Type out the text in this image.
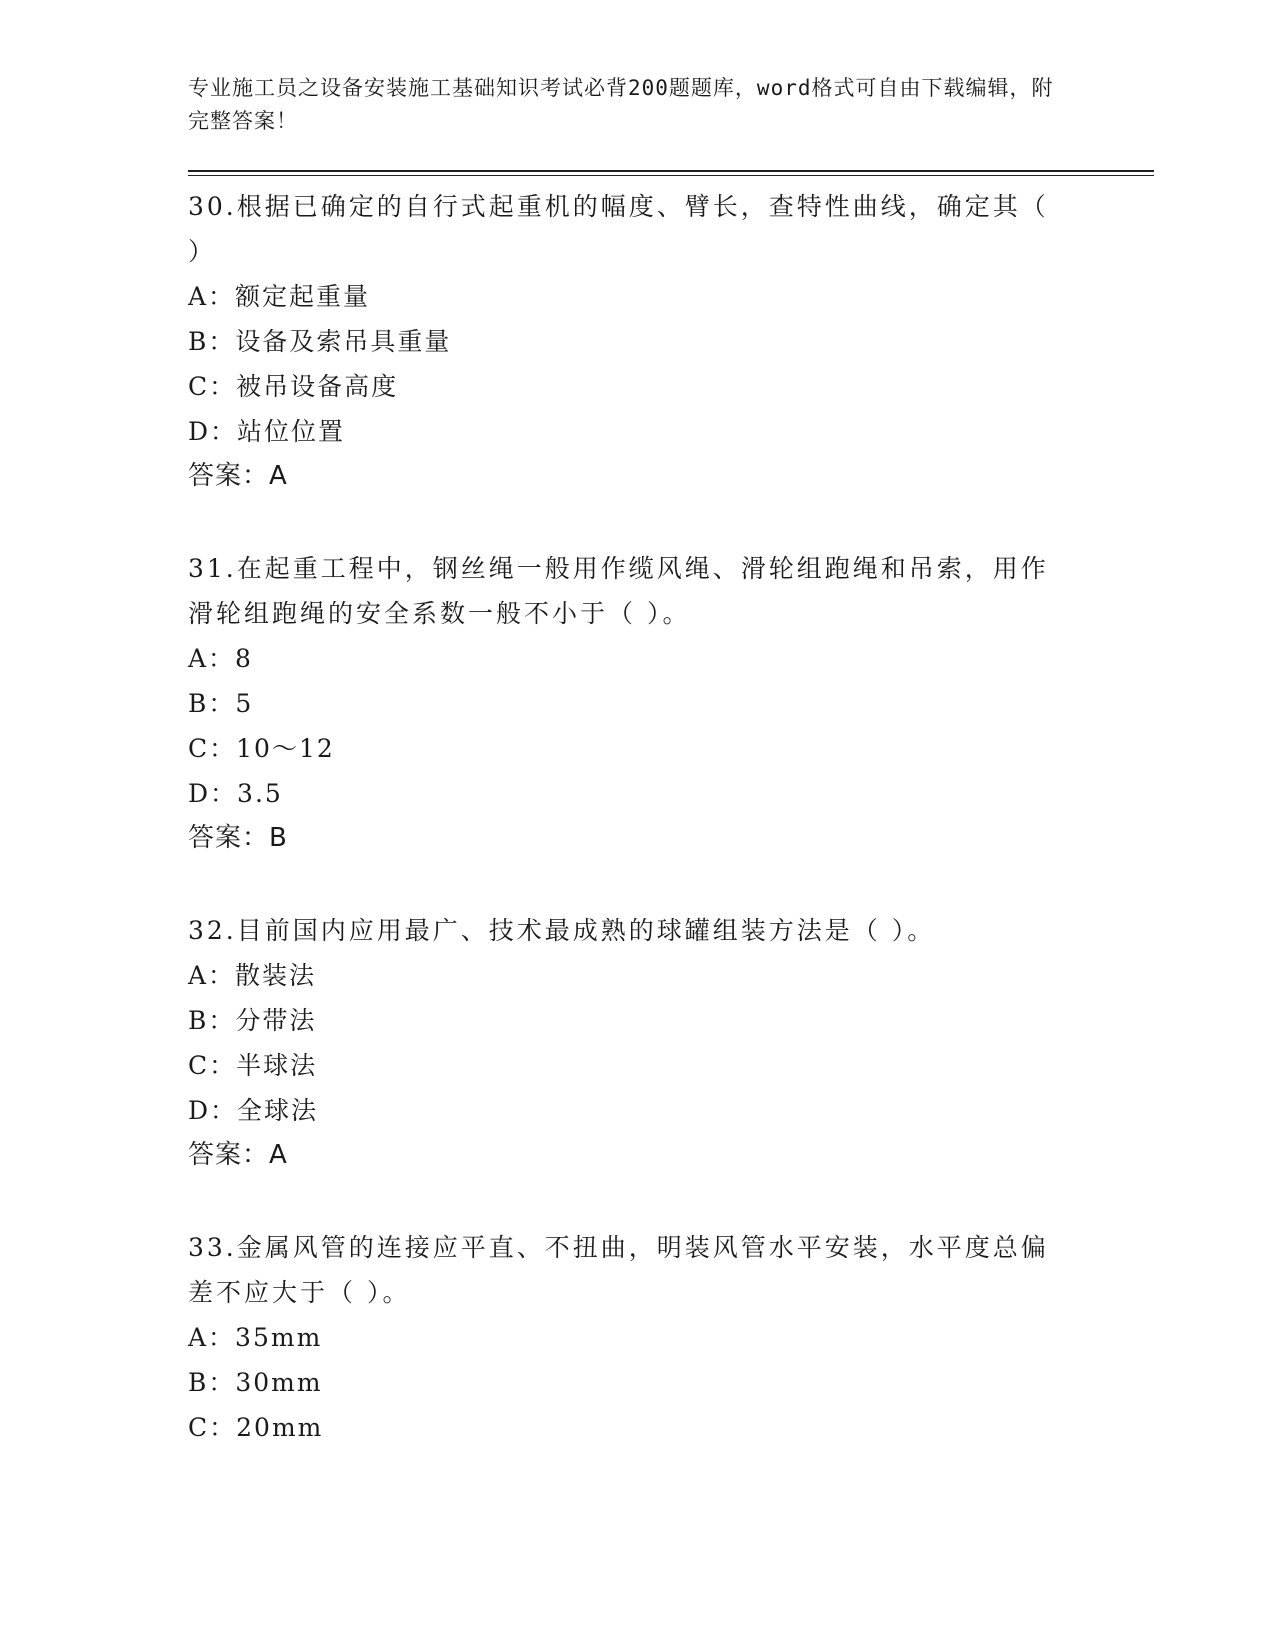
专业施工员之设备安装施工基础知识考试必背200题题库，word格式可自由下载编辑，附完整答案！

30.根据已确定的自行式起重机的幅度、臂长，查特性曲线，确定其（ ）

A：额定起重量

B：设备及索吊具重量

C：被吊设备高度

D：站位位置

答案：A

31.在起重工程中，钢丝绳一般用作缆风绳、滑轮组跑绳和吊索，用作滑轮组跑绳的安全系数一般不小于（ ）。

A：8

B：5

C：10～12

D：3.5

答案：B

32.目前国内应用最广、技术最成熟的球罐组装方法是（ ）。

A：散装法

B：分带法

C：半球法

D：全球法

答案：A

33.金属风管的连接应平直、不扭曲，明装风管水平安装，水平度总偏差不应大于（ ）。

A：35mm

B：30mm

C：20mm
